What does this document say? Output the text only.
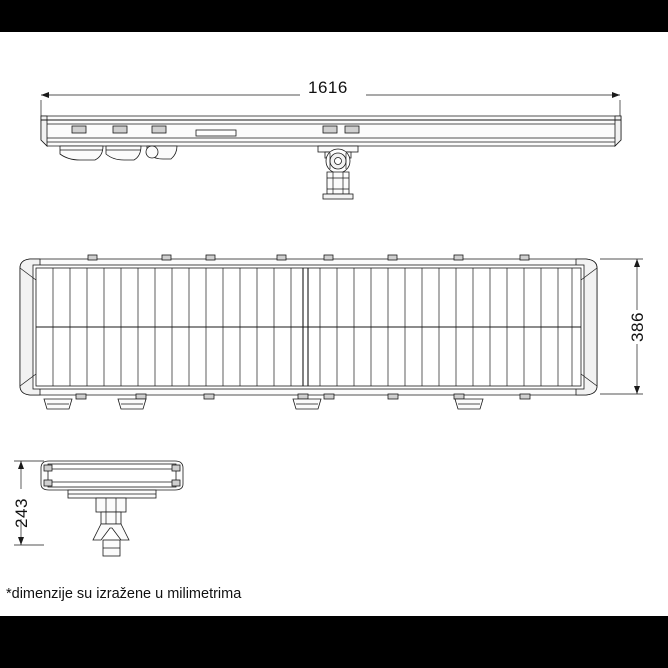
1616
386
243
*dimenzije su izražene u milimetrima
